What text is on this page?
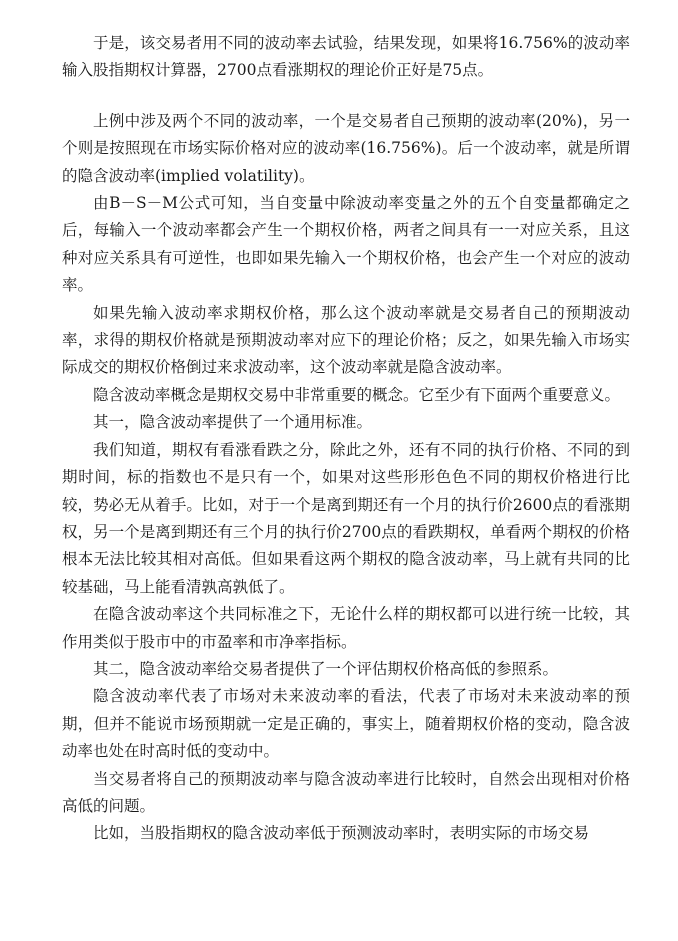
于是，该交易者用不同的波动率去试验，结果发现，如果将16.756%的波动率输入股指期权计算器，2700点看涨期权的理论价正好是75点。

上例中涉及两个不同的波动率，一个是交易者自己预期的波动率(20%)，另一个则是按照现在市场实际价格对应的波动率(16.756%)。后一个波动率，就是所谓的隐含波动率(implied volatility)。

由B－S－M公式可知，当自变量中除波动率变量之外的五个自变量都确定之后，每输入一个波动率都会产生一个期权价格，两者之间具有一一对应关系，且这种对应关系具有可逆性，也即如果先输入一个期权价格，也会产生一个对应的波动率。

如果先输入波动率求期权价格，那么这个波动率就是交易者自己的预期波动率，求得的期权价格就是预期波动率对应下的理论价格；反之，如果先输入市场实际成交的期权价格倒过来求波动率，这个波动率就是隐含波动率。

隐含波动率概念是期权交易中非常重要的概念。它至少有下面两个重要意义。

其一，隐含波动率提供了一个通用标准。

我们知道，期权有看涨看跌之分，除此之外，还有不同的执行价格、不同的到期时间，标的指数也不是只有一个，如果对这些形形色色不同的期权价格进行比较，势必无从着手。比如，对于一个是离到期还有一个月的执行价2600点的看涨期权，另一个是离到期还有三个月的执行价2700点的看跌期权，单看两个期权的价格根本无法比较其相对高低。但如果看这两个期权的隐含波动率，马上就有共同的比较基础，马上能看清孰高孰低了。

在隐含波动率这个共同标准之下，无论什么样的期权都可以进行统一比较，其作用类似于股市中的市盈率和市净率指标。

其二，隐含波动率给交易者提供了一个评估期权价格高低的参照系。

隐含波动率代表了市场对未来波动率的看法，代表了市场对未来波动率的预期，但并不能说市场预期就一定是正确的，事实上，随着期权价格的变动，隐含波动率也处在时高时低的变动中。

当交易者将自己的预期波动率与隐含波动率进行比较时，自然会出现相对价格高低的问题。

比如，当股指期权的隐含波动率低于预测波动率时，表明实际的市场交易
